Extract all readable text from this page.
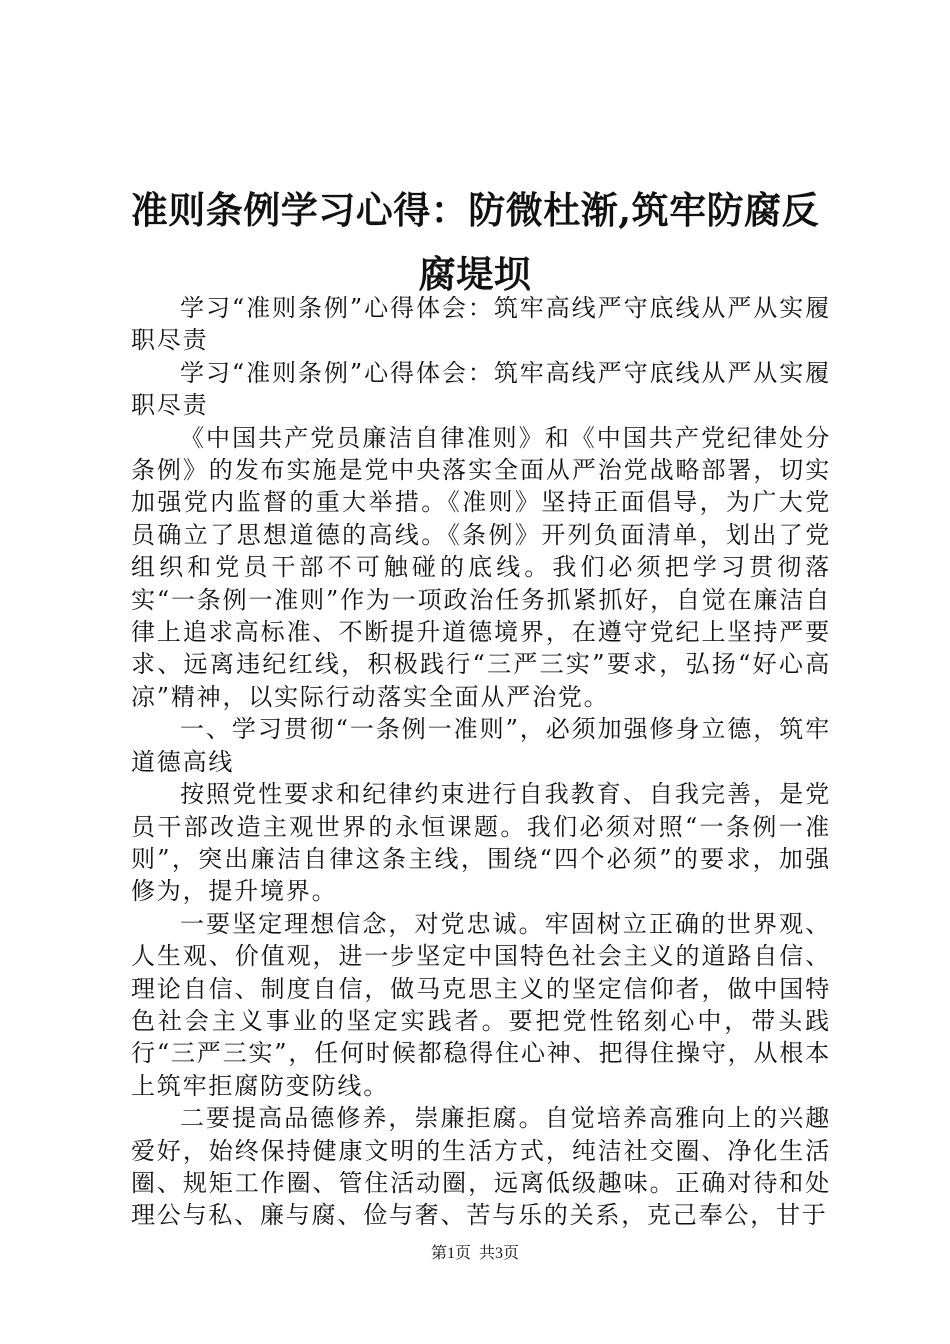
准则条例学习心得：防微杜渐,筑牢防腐反腐堤坝

学习“准则条例”心得体会：筑牢高线严守底线从严从实履职尽责

学习“准则条例”心得体会：筑牢高线严守底线从严从实履职尽责

《中国共产党员廉洁自律准则》和《中国共产党纪律处分条例》的发布实施是党中央落实全面从严治党战略部署，切实加强党内监督的重大举措。《准则》坚持正面倡导，为广大党员确立了思想道德的高线。《条例》开列负面清单，划出了党组织和党员干部不可触碰的底线。我们必须把学习贯彻落实“一条例一准则”作为一项政治任务抓紧抓好，自觉在廉洁自律上追求高标准、不断提升道德境界，在遵守党纪上坚持严要求、远离违纪红线，积极践行“三严三实”要求，弘扬“好心高凉”精神，以实际行动落实全面从严治党。

一、学习贯彻“一条例一准则”，必须加强修身立德，筑牢道德高线

按照党性要求和纪律约束进行自我教育、自我完善，是党员干部改造主观世界的永恒课题。我们必须对照“一条例一准则”，突出廉洁自律这条主线，围绕“四个必须”的要求，加强修为，提升境界。

一要坚定理想信念，对党忠诚。牢固树立正确的世界观、人生观、价值观，进一步坚定中国特色社会主义的道路自信、理论自信、制度自信，做马克思主义的坚定信仰者，做中国特色社会主义事业的坚定实践者。要把党性铭刻心中，带头践行“三严三实”，任何时候都稳得住心神、把得住操守，从根本上筑牢拒腐防变防线。

二要提高品德修养，崇廉拒腐。自觉培养高雅向上的兴趣爱好，始终保持健康文明的生活方式，纯洁社交圈、净化生活圈、规矩工作圈、管住活动圈，远离低级趣味。正确对待和处理公与私、廉与腐、俭与奢、苦与乐的关系，克己奉公，甘于

第1页 共3页
